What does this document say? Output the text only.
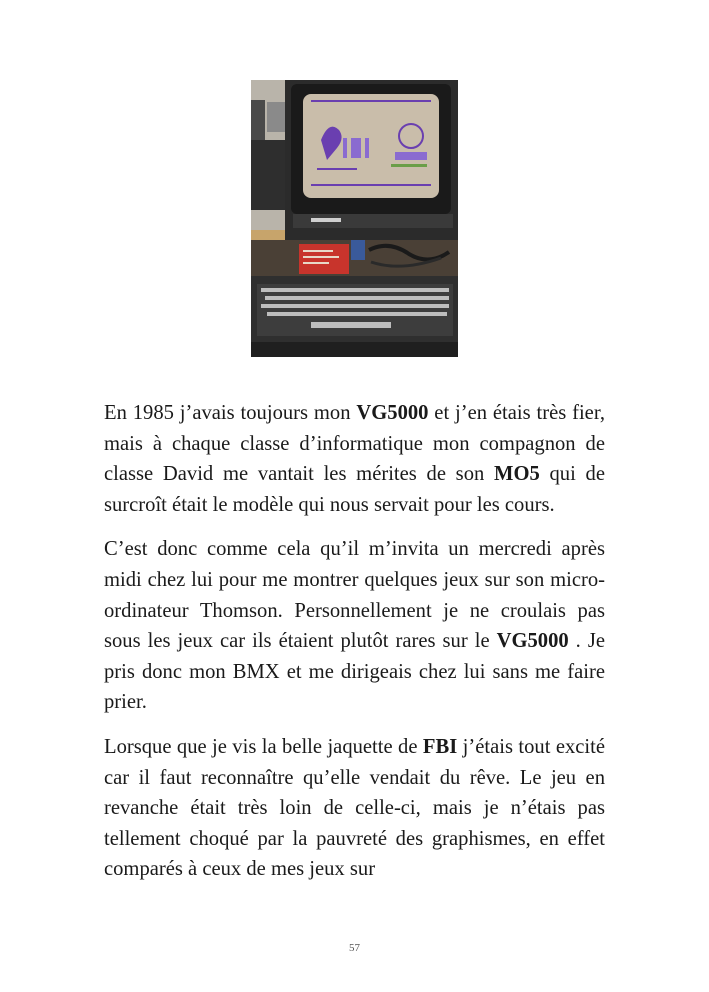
En 1985 j’avais toujours mon VG5000 et j’en étais très fier, mais à chaque classe d’informatique mon compagnon de classe David me vantait les mérites de son MO5 qui de surcroît était le modèle qui nous servait pour les cours.

C’est donc comme cela qu’il m’invita un mercredi après midi chez lui pour me montrer quelques jeux sur son micro-ordinateur Thomson. Personnellement je ne croulais pas sous les jeux car ils étaient plutôt rares sur le VG5000 . Je pris donc mon BMX et me dirigeais chez lui sans me faire prier.

Lorsque que je vis la belle jaquette de FBI j’étais tout excité car il faut reconnaître qu’elle vendait du rêve. Le jeu en revanche était très loin de celle-ci, mais je n’étais pas tellement choqué par la pauvreté des graphismes, en effet comparés à ceux de mes jeux sur

57
